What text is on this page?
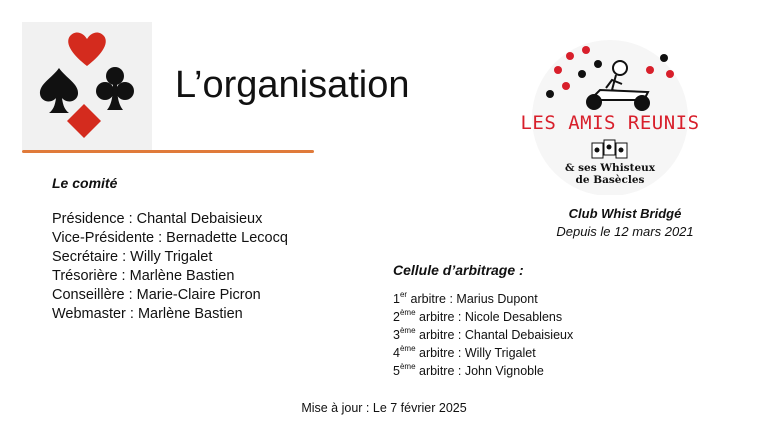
L’organisation
Le comité
Présidence : Chantal Debaisieux
Vice-Présidente : Bernadette Lecocq
Secrétaire : Willy Trigalet
Trésorière : Marlène Bastien
Conseillère : Marie-Claire Picron
Webmaster : Marlène Bastien
LES AMIS REUNIS
& ses Whisteux
de Basècles
Club Whist Bridgé
Depuis le 12 mars 2021
Cellule d’arbitrage :
1er arbitre : Marius Dupont
2ème arbitre : Nicole Desablens
3ème arbitre : Chantal Debaisieux
4ème arbitre : Willy Trigalet
5ème arbitre : John Vignoble
Mise à jour : Le 7 février 2025
